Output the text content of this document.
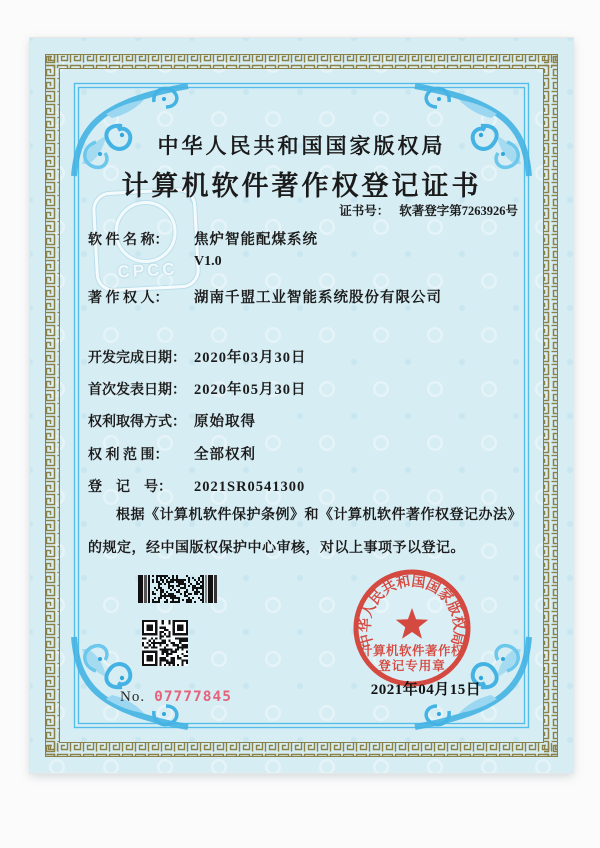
CPCC
中华人民共和国国家版权局
计算机软件著作权登记证书
证书号： 软著登字第7263926号
软 件 名 称： 焦炉智能配煤系统
V1.0
著 作 权 人： 湖南千盟工业智能系统股份有限公司
开发完成日期： 2020年03月30日
首次发表日期： 2020年05月30日
权利取得方式： 原始取得
权 利 范 围： 全部权利
登　记　号： 2021SR0541300
根据《计算机软件保护条例》和《计算机软件著作权登记办法》的规定，经中国版权保护中心审核，对以上事项予以登记。
No. 07777845
中华人民共和国国家版权局
计算机软件著作权
登记专用章
2021年04月15日
